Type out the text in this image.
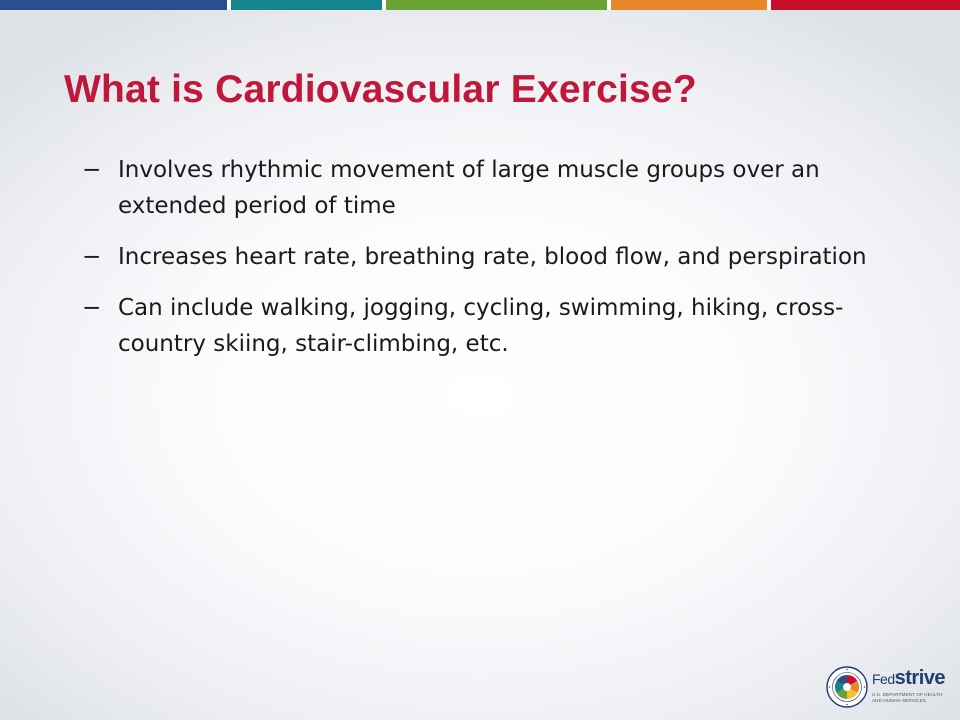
What is Cardiovascular Exercise?
− Involves rhythmic movement of large muscle groups over an extended period of time
− Increases heart rate, breathing rate, blood flow, and perspiration
− Can include walking, jogging, cycling, swimming, hiking, cross-country skiing, stair-climbing, etc.
Fedstrive
U.S. DEPARTMENT OF HEALTH
AND HUMAN SERVICES
